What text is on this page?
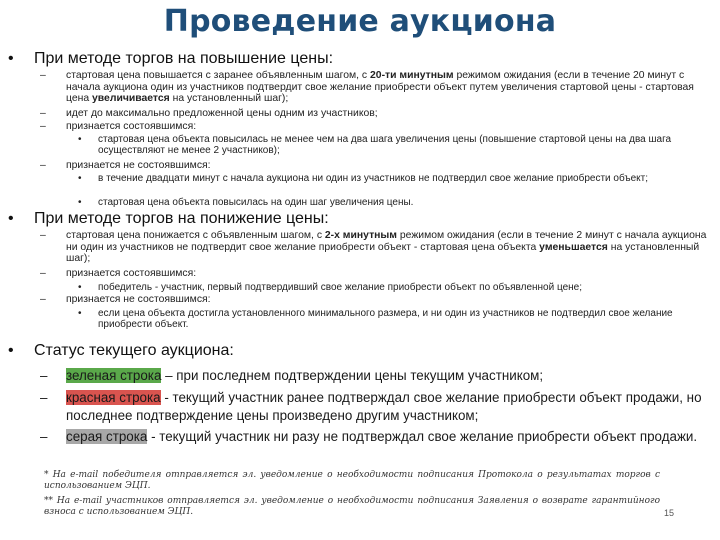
Проведение аукциона
• При методе торгов на повышение цены:
– стартовая цена повышается с заранее объявленным шагом, с 20-ти минутным режимом ожидания (если в течение 20 минут с начала аукциона один из участников подтвердит свое желание приобрести объект путем увеличения стартовой цены - стартовая цена увеличивается на установленный шаг);
– идет до максимально предложенной цены одним из участников;
– признается состоявшимся:
• стартовая цена объекта повысилась не менее чем на два шага увеличения цены (повышение стартовой цены на два шага осуществляют не менее 2 участников);
– признается не состоявшимся:
• в течение двадцати минут с начала аукциона ни один из участников не подтвердил свое желание приобрести объект;
• стартовая цена объекта повысилась на один шаг увеличения цены.
• При методе торгов на понижение цены:
– стартовая цена понижается с объявленным шагом, с 2-х минутным режимом ожидания (если в течение 2 минут с начала аукциона ни один из участников не подтвердит свое желание приобрести объект - стартовая цена объекта уменьшается на установленный шаг);
– признается состоявшимся:
• победитель - участник, первый подтвердивший свое желание приобрести объект по объявленной цене;
– признается не состоявшимся:
• если цена объекта достигла установленного минимального размера, и ни один из участников не подтвердил свое желание приобрести объект.
• Статус текущего аукциона:
– зеленая строка – при последнем подтверждении цены текущим участником;
– красная строка - текущий участник ранее подтверждал свое желание приобрести объект продажи, но последнее подтверждение цены произведено другим участником;
– серая строка - текущий участник ни разу не подтверждал свое желание приобрести объект продажи.
* На e-mail победителя отправляется эл. уведомление о необходимости подписания Протокола о результатах торгов с использованием ЭЦП.
** На e-mail участников отправляется эл. уведомление о необходимости подписания Заявления о возврате гарантийного взноса с использованием ЭЦП.	15
